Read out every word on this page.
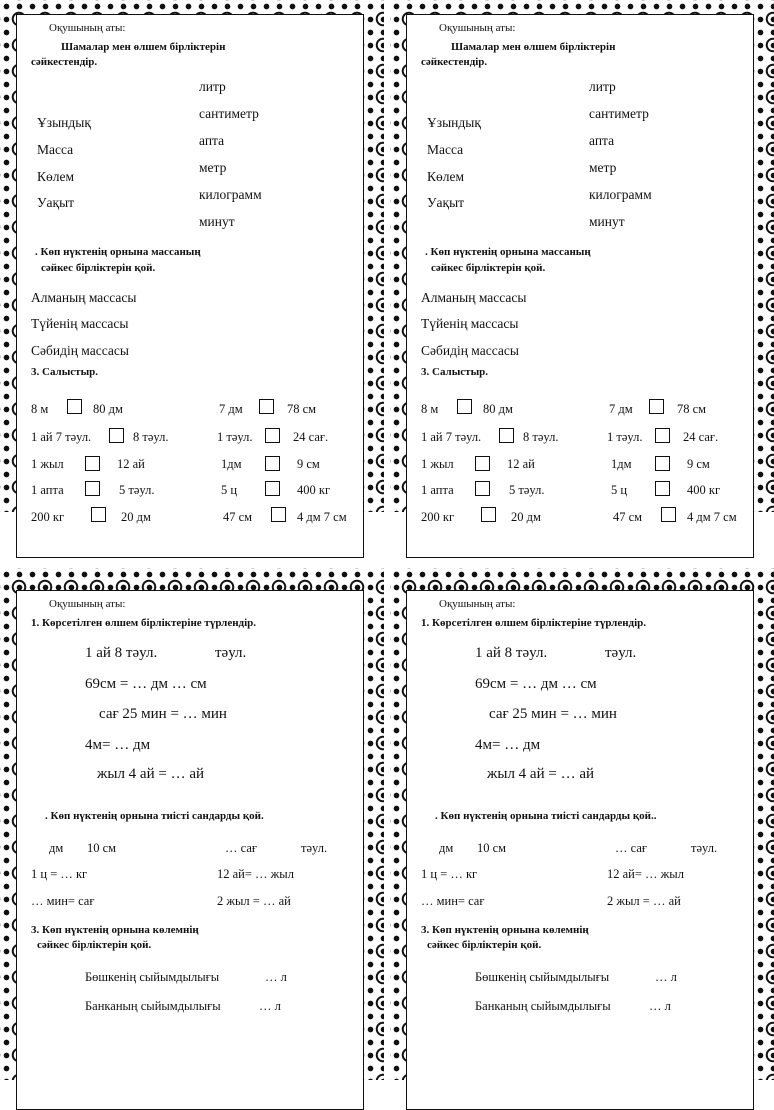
Оқушының аты:
Шамалар мен өлшем бірліктерін
сәйкестендір.
литр
сантиметр
апта
метр
килограмм
минут
Ұзындық
Масса
Көлем
Уақыт
. Көп нүктенің орнына массаның
сәйкес бірліктерін қой.
Алманың массасы
Түйенің массасы
Сәбидің массасы
3. Салыстыр.
8 м	80 дм	7 дм	78 см
1 ай 7 тәул.	8 тәул.	1 тәул.	24 сағ.
1 жыл	12 ай	1дм	9 см
1 апта	5 тәул.	5 ц	400 кг
200 кг	20 дм	47 см	4 дм 7 см
Оқушының аты:
Шамалар мен өлшем бірліктерін
сәйкестендір.
литр
сантиметр
апта
метр
килограмм
минут
Ұзындық
Масса
Көлем
Уақыт
. Көп нүктенің орнына массаның
сәйкес бірліктерін қой.
Алманың массасы
Түйенің массасы
Сәбидің массасы
3. Салыстыр.
8 м	80 дм	7 дм	78 см
1 ай 7 тәул.	8 тәул.	1 тәул.	24 сағ.
1 жыл	12 ай	1дм	9 см
1 апта	5 тәул.	5 ц	400 кг
200 кг	20 дм	47 см	4 дм 7 см
Оқушының аты:
1. Көрсетілген өлшем бірліктеріне түрлендір.
1 ай 8 тәул.	тәул.
69см = … дм … см
сағ 25 мин = … мин
4м= … дм
жыл 4 ай = … ай
. Көп нүктенің орнына тиісті сандарды қой.
дм 10 см	… сағ	тәул.
1 ц = … кг	12 ай= … жыл
… мин= сағ	2 жыл = … ай
3. Көп нүктенің орнына көлемнің
сәйкес бірліктерін қой.
Бөшкенің сыйымдылығы	… л
Банканың сыйымдылығы	… л
Оқушының аты:
1. Көрсетілген өлшем бірліктеріне түрлендір.
1 ай 8 тәул.	тәул.
69см = … дм … см
сағ 25 мин = … мин
4м= … дм
жыл 4 ай = … ай
. Көп нүктенің орнына тиісті сандарды қой..
дм 10 см	… сағ	тәул.
1 ц = … кг	12 ай= … жыл
… мин= сағ	2 жыл = … ай
3. Көп нүктенің орнына көлемнің
сәйкес бірліктерін қой.
Бөшкенің сыйымдылығы	… л
Банканың сыйымдылығы	… л
